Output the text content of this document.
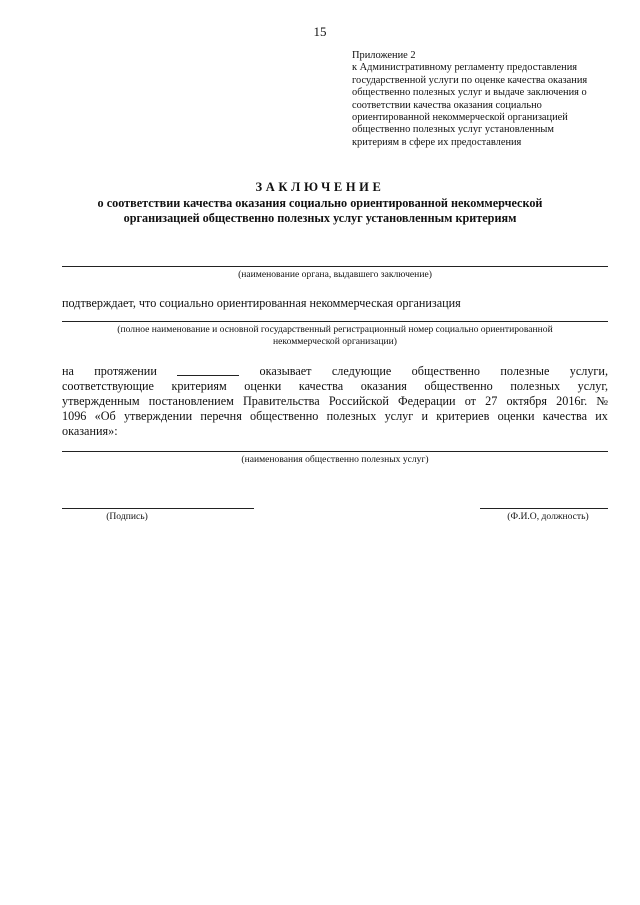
15
Приложение 2
к Административному регламенту предоставления
государственной услуги по оценке качества оказания
общественно полезных услуг и выдаче заключения о
соответствии качества оказания социально
ориентированной некоммерческой организацией
общественно полезных услуг установленным
критериям в сфере их предоставления
ЗАКЛЮЧЕНИЕ
о соответствии качества оказания социально ориентированной некоммерческой
организацией общественно полезных услуг установленным критериям
(наименование органа, выдавшего заключение)
подтверждает, что социально ориентированная некоммерческая организация
(полное наименование и основной государственный регистрационный номер социально ориентированной
некоммерческой организации)
на протяжении	оказывает следующие общественно полезные услуги,
соответствующие критериям оценки качества оказания общественно полезных услуг,
утвержденным постановлением Правительства Российской Федерации от 27 октября 2016г. №
1096 «Об утверждении перечня общественно полезных услуг и критериев оценки качества их
оказания»:
(наименования общественно полезных услуг)
(Подпись)	(Ф.И.О, должность)
